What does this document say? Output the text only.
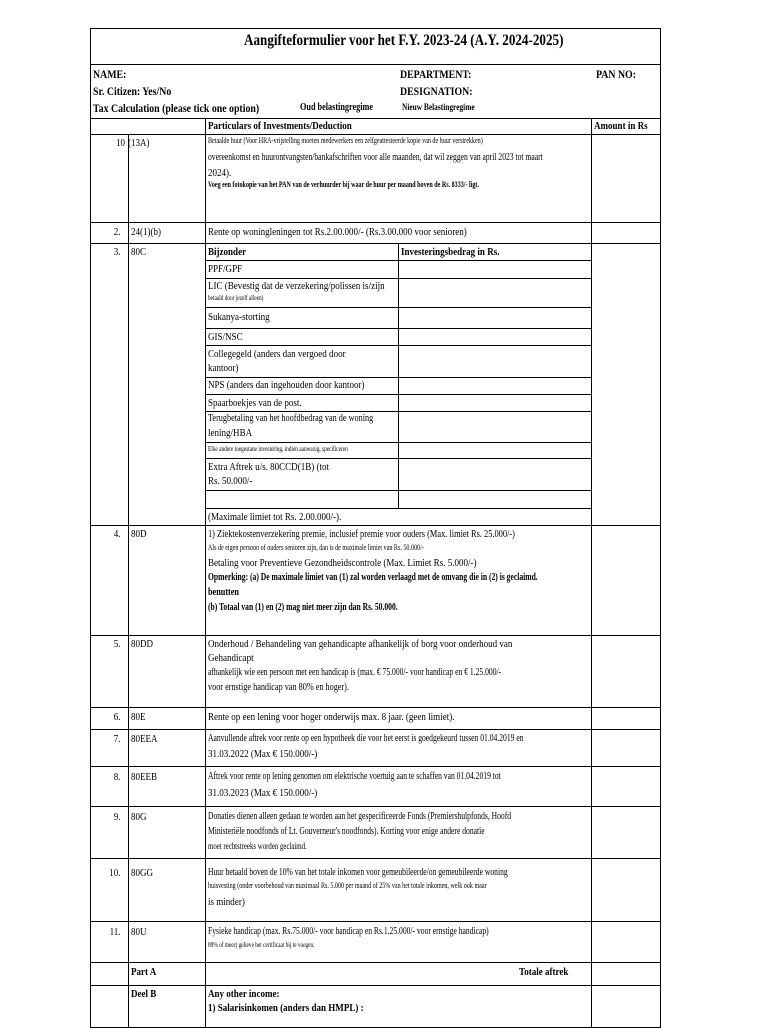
Aangifteformulier voor het F.Y. 2023-24 (A.Y. 2024-2025)
NAME:	DEPARTMENT:	PAN NO:
Sr. Citizen: Yes/No	DESIGNATION:
Tax Calculation (please tick one option)	Oud belastingregime	Nieuw Belastingregime
Particulars of Investments/Deduction	Amount in Rs
10 (13A)	Betaalde huur (Voor HRA-vrijstelling moeten medewerkers een zelfgeattesteerde kopie van de huur verstrekken)
overeenkomst en huurontvangsten/bankafschriften voor alle maanden, dat wil zeggen van april 2023 tot maart
2024).
Voeg een fotokopie van het PAN van de verhuurder bij waar de huur per maand boven de Rs. 8333/- ligt.
2. 24(1)(b)	Rente op woningleningen tot Rs.2.00.000/- (Rs.3.00.000 voor senioren)
3. 80C	Bijzonder	Investeringsbedrag in Rs.
PPF/GPF
LIC (Bevestig dat de verzekering/polissen is/zijn
betaald door jezelf alleen)
Sukanya-storting
GIS/NSC
Collegegeld (anders dan vergoed door
kantoor)
NPS (anders dan ingehouden door kantoor)
Spaarboekjes van de post.
Terugbetaling van het hoofdbedrag van de woning
lening/HBA
Elke andere toegestane investering, indien aanwezig, specificeren
Extra Aftrek u/s. 80CCD(1B) (tot
Rs. 50.000/-
(Maximale limiet tot Rs. 2.00.000/-).
4. 80D	1) Ziektekostenverzekering premie, inclusief premie voor ouders (Max. limiet Rs. 25.000/-)
Als de eigen persoon of ouders senioren zijn, dan is de maximale limiet van Rs. 50.000/-
Betaling voor Preventieve Gezondheidscontrole (Max. Limiet Rs. 5.000/-)
Opmerking: (a) De maximale limiet van (1) zal worden verlaagd met de omvang die in (2) is geclaimd.
benutten
(b) Totaal van (1) en (2) mag niet meer zijn dan Rs. 50.000.
5. 80DD	Onderhoud / Behandeling van gehandicapte afhankelijk of borg voor onderhoud van
Gehandicapt
afhankelijk wie een persoon met een handicap is (max. € 75.000/- voor handicap en € 1.25.000/-
voor ernstige handicap van 80% en hoger).
6. 80E	Rente op een lening voor hoger onderwijs max. 8 jaar. (geen limiet).
7. 80EEA	Aanvullende aftrek voor rente op een hypotheek die voor het eerst is goedgekeurd tussen 01.04.2019 en
31.03.2022 (Max € 150.000/-)
8. 80EEB	Aftrek voor rente op lening genomen om elektrische voertuig aan te schaffen van 01.04.2019 tot
31.03.2023 (Max € 150.000/-)
9. 80G	Donaties dienen alleen gedaan te worden aan het gespecificeerde Fonds (Premiershulpfonds, Hoofd
Ministeriële noodfonds of Lt. Gouverneur's noodfonds). Korting voor enige andere donatie
moet rechtstreeks worden geclaimd.
10. 80GG	Huur betaald boven de 10% van het totale inkomen voor gemeubileerde/on gemeubileerde woning
huisvesting (onder voorbehoud van maximaal Rs. 5.000 per maand of 25% van het totale inkomen, welk ook maar
is minder)
11. 80U	Fysieke handicap (max. Rs.75.000/- voor handicap en Rs.1.25.000/- voor ernstige handicap)
80% of meer) gelieve het certificaat bij te voegen.
Part A	Totale aftrek
Deel B	Any other income:
1) Salarisinkomen (anders dan HMPL) :
